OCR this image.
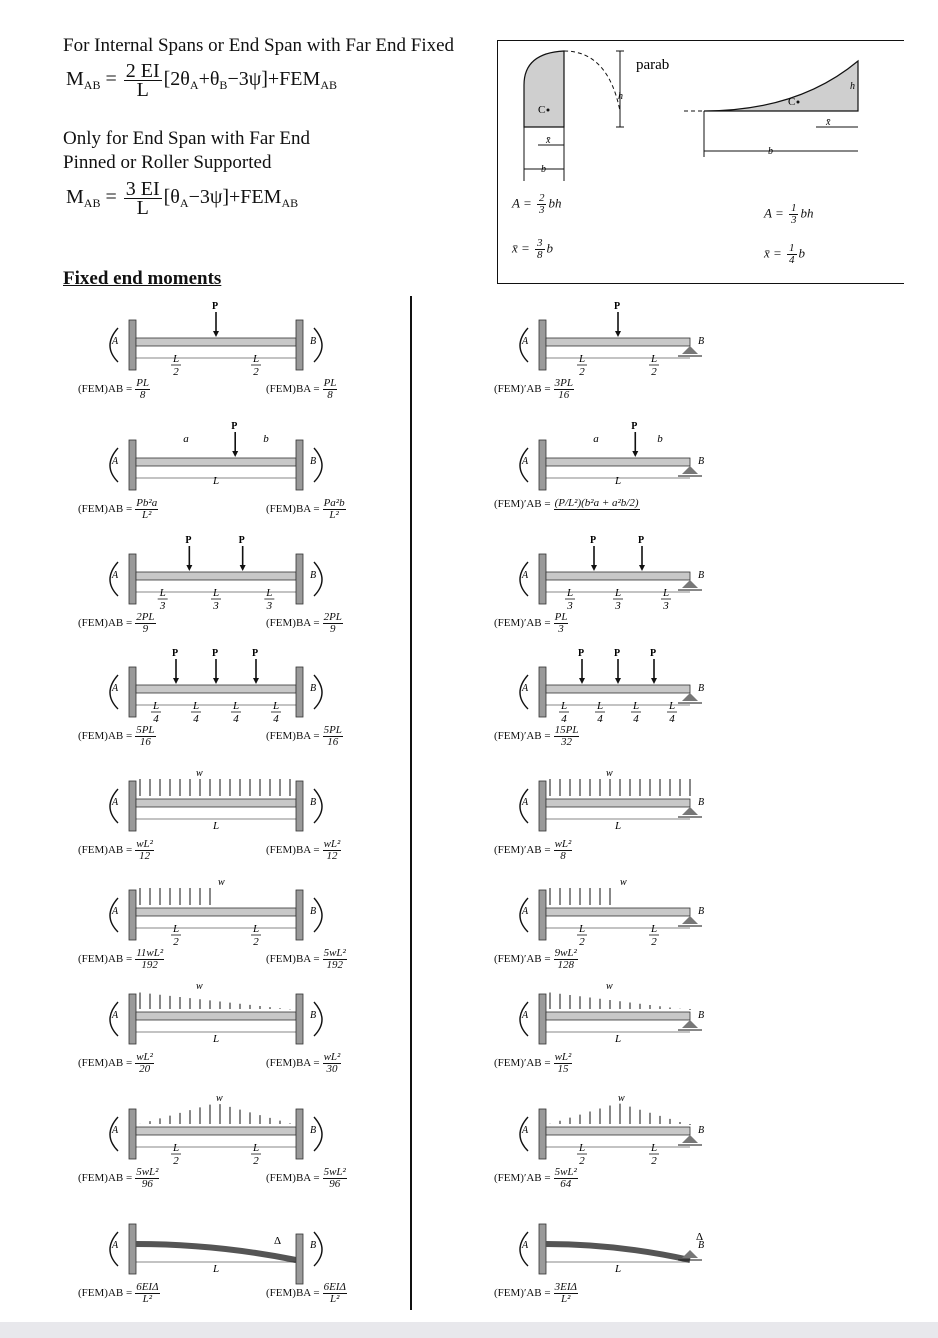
For Internal Spans or End Span with Far End Fixed
$M_{AB} = \frac{2 EI}{L} [2\theta_A+\theta_B-3\psi]+FEM_{AB}$
Only for End Span with Far End
Pinned or Roller Supported
$M_{AB} = \frac{3 EI}{L} [\theta_A-3\psi]+FEM_{AB}$
h
b
C
x̄
h
C
b
x̄
parab
$A = \frac{2}{3}$ bh
x̄ = $\frac{3}{8}$ b
$A = \frac{1}{3}$ bh
x̄ = $\frac{1}{4}$ b
Fixed end moments
A	B
P
L
2
L
2
$(FEM)AB = \frac{PL}{8}$	$(FEM)BA = \frac{PL}{8}$
A	B
P
L
2
L
2
$(FEM)'AB = \frac{3PL}{16}$
A	B
P
L
a	b
$(FEM)AB = \frac{\text{Pb²a}}{\text{L²}}$	$(FEM)BA = \frac{\text{Pa²b}}{\text{L²}}$
A	B
P
L
a	b
(FEM)′AB = (P/L²)(b²a + a²b/2)
A	B
P	P
L
3
L
3
L
3
$(FEM)AB = \frac{2PL}{9}$	$(FEM)BA = \frac{2PL}{9}$
A	B
P	P
L
3
L
3
L
3
$(FEM)'AB = \frac{PL}{3}$
A	B
P	P	P
L
4
L
4
L
4
L
4
$(FEM)AB = \frac{5PL}{16}$	$(FEM)BA = \frac{5PL}{16}$
A	B
P	P	P
L
4
L
4
L
4
L
4
$(FEM)'AB = \frac{15PL}{32}$
A	B
w
L
$(FEM)AB = \frac{\text{wL²}}{12}$	$(FEM)BA = \frac{\text{wL²}}{12}$
A	B
w
L
$(FEM)'AB = \frac{\text{wL²}}{8}$
A	B
w
L
2
L
2
$(FEM)AB = \frac{\text{11wL²}}{192}$	$(FEM)BA = \frac{\text{5wL²}}{192}$
A	B
w
L
2
L
2
$(FEM)'AB = \frac{\text{9wL²}}{128}$
A	B
w
L
$(FEM)AB = \frac{\text{wL²}}{20}$	$(FEM)BA = \frac{\text{wL²}}{30}$
A	B
w
L
$(FEM)'AB = \frac{\text{wL²}}{15}$
A	B
w
L
2
L
2
$(FEM)AB = \frac{\text{5wL²}}{96}$	$(FEM)BA = \frac{\text{5wL²}}{96}$
A	B
w
L
2
L
2
$(FEM)'AB = \frac{\text{5wL²}}{64}$
A	B
Δ
L
(FEM)AB =
6EIΔ
L²	(FEM)BA =
6EIΔ
L²
A	B
Δ
L
(FEM)′AB =
3EIΔ
L²
